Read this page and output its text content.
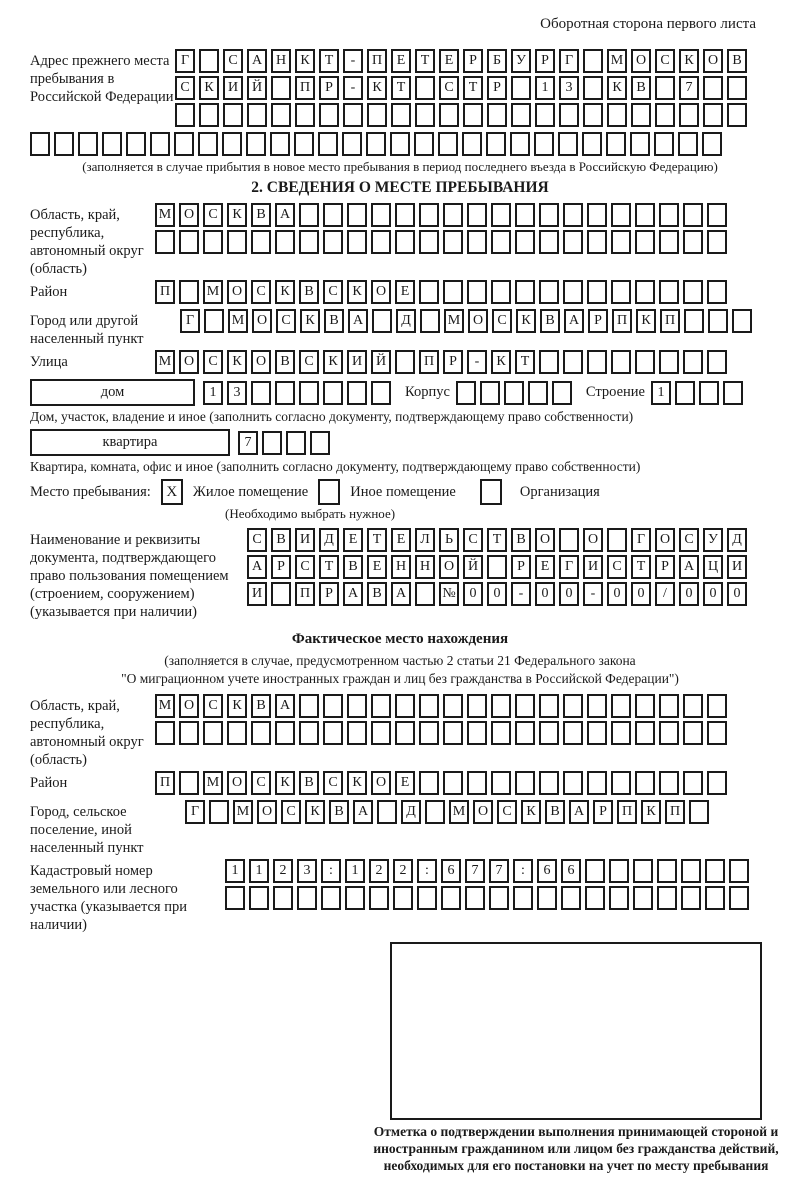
Оборотная сторона первого листа
Адрес прежнего места пребывания в Российской Федерации
Г	С	А Н	К	Т	-	П	Е	Т	Е	Р	Б	У	Р	Г	М О	С	К	О	В
С	К	И Й	П	Р	-	К	Т	С	Т	Р	1	3	К	В	7
(заполняется в случае прибытия в новое место пребывания в период последнего въезда в Российскую Федерацию)
2. СВЕДЕНИЯ О МЕСТЕ ПРЕБЫВАНИЯ
Область, край, республика, автономный округ (область)
М О	С	К	В	А
Район	П	М О	С	К	В	С	К	О	Е
Город или другой населенный пункт
Г	М О	С	К	В	А	Д	М О	С	К	В	А	Р	П	К	П
Улица	М О	С	К	О	В	С	К	И Й	П	Р	-	К	Т
дом	1	3	Корпус	Строение 1
Дом, участок, владение и иное (заполнить согласно документу, подтверждающему право собственности)
квартира	7
Квартира, комната, офис и иное (заполнить согласно документу, подтверждающему право собственности)
Место пребывания:	X	Жилое помещение	Иное помещение	Организация
(Необходимо выбрать нужное)
Наименование и реквизиты документа, подтверждающего право пользования помещением (строением, сооружением) (указывается при наличии)
С	В	И	Д	Е	Т	Е	Л	Ь	С	Т	В	О	О	Г	О	С	У	Д
А	Р	С	Т	В	Е	Н Н О Й	Р	Е	Г	И	С	Т	Р	А Ц И
И	П	Р	А	В	А	№ 0	0	-	0	0	-	0	0	/	0	0	0
Фактическое место нахождения
(заполняется в случае, предусмотренном частью 2 статьи 21 Федерального закона
"О миграционном учете иностранных граждан и лиц без гражданства в Российской Федерации")
Область, край, республика, автономный округ (область)
М О	С	К	В	А
Район	П	М О	С	К	В	С	К	О	Е
Город, сельское поселение, иной населенный пункт
Г	М О	С	К	В	А	Д	М О	С	К	В	А	Р	П	К	П
Кадастровый номер земельного или лесного участка (указывается при наличии)
1	1	2	3	:	1	2	2	:	6	7	7	:	6	6
Отметка о подтверждении выполнения принимающей стороной и иностранным гражданином или лицом без гражданства действий, необходимых для его постановки на учет по месту пребывания
